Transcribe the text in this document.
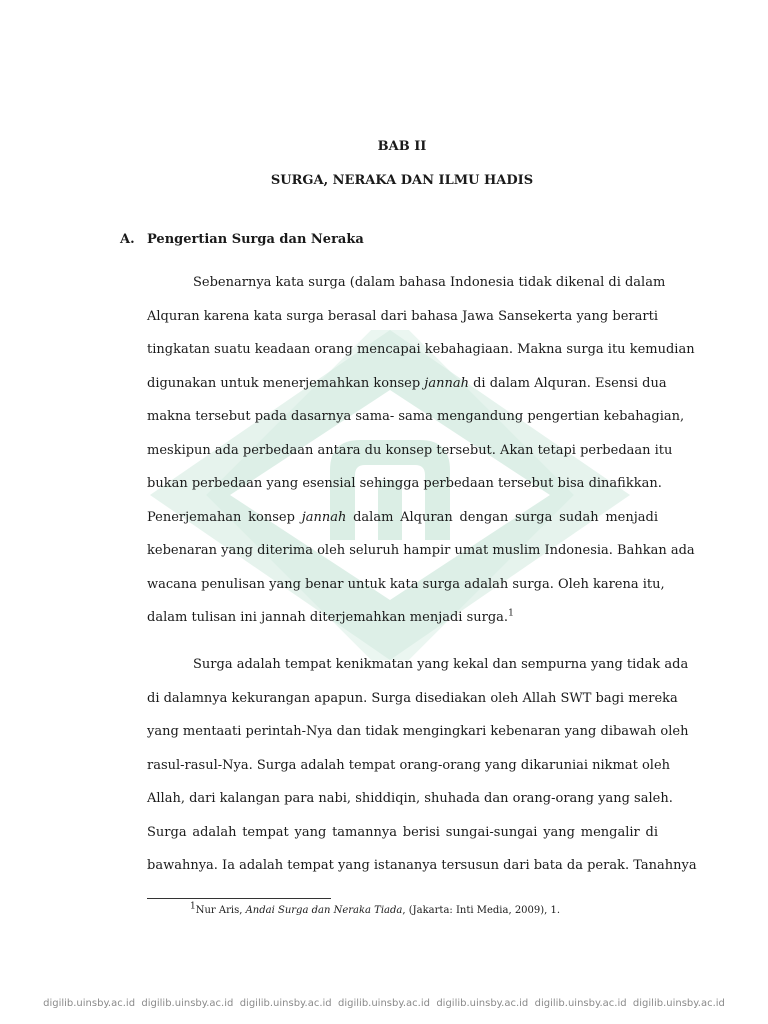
BAB II
SURGA, NERAKA DAN ILMU HADIS
A. Pengertian Surga dan Neraka
Sebenarnya kata surga (dalam bahasa Indonesia tidak dikenal di dalam
Alquran karena kata surga berasal dari bahasa Jawa Sansekerta yang berarti
tingkatan suatu keadaan orang mencapai kebahagiaan. Makna surga itu kemudian
digunakan untuk menerjemahkan konsep jannah di dalam Alquran. Esensi dua
makna tersebut pada dasarnya sama- sama mengandung pengertian kebahagian,
meskipun ada perbedaan antara du konsep tersebut. Akan tetapi perbedaan itu
bukan perbedaan yang esensial sehingga perbedaan tersebut bisa dinafikkan.
Penerjemahan konsep jannah dalam Alquran dengan surga sudah menjadi
kebenaran yang diterima oleh seluruh hampir umat muslim Indonesia. Bahkan ada
wacana penulisan yang benar untuk kata surga adalah surga. Oleh karena itu,
dalam tulisan ini jannah diterjemahkan menjadi surga.$^1$
Surga adalah tempat kenikmatan yang kekal dan sempurna yang tidak ada
di dalamnya kekurangan apapun. Surga disediakan oleh Allah SWT bagi mereka
yang mentaati perintah-Nya dan tidak mengingkari kebenaran yang dibawah oleh
rasul-rasul-Nya. Surga adalah tempat orang-orang yang dikaruniai nikmat oleh
Allah, dari kalangan para nabi, shiddiqin, shuhada dan orang-orang yang saleh.
Surga adalah tempat yang tamannya berisi sungai-sungai yang mengalir di
bawahnya. Ia adalah tempat yang istananya tersusun dari bata da perak. Tanahnya
$^1$Nur Aris, Andai Surga dan Neraka Tiada, (Jakarta: Inti Media, 2009), 1.
digilib.uinsby.ac.id  digilib.uinsby.ac.id  digilib.uinsby.ac.id  digilib.uinsby.ac.id  digilib.uinsby.ac.id  digilib.uinsby.ac.id  digilib.uinsby.ac.id
